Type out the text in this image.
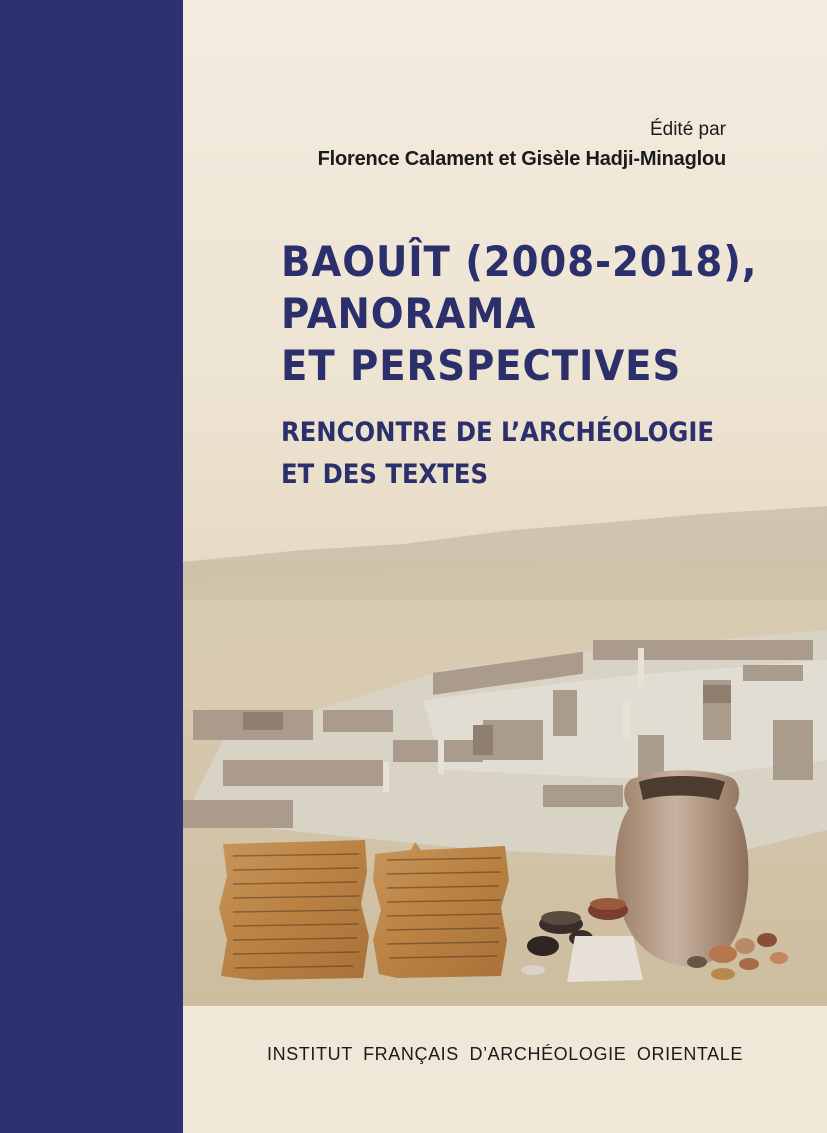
Édité par
Florence Calament et Gisèle Hadji-Minaglou
BAOUÎT (2008-2018),
PANORAMA
ET PERSPECTIVES
RENCONTRE DE L’ARCHÉOLOGIE
ET DES TEXTES
INSTITUT FRANÇAIS D’ARCHÉOLOGIE ORIENTALE
